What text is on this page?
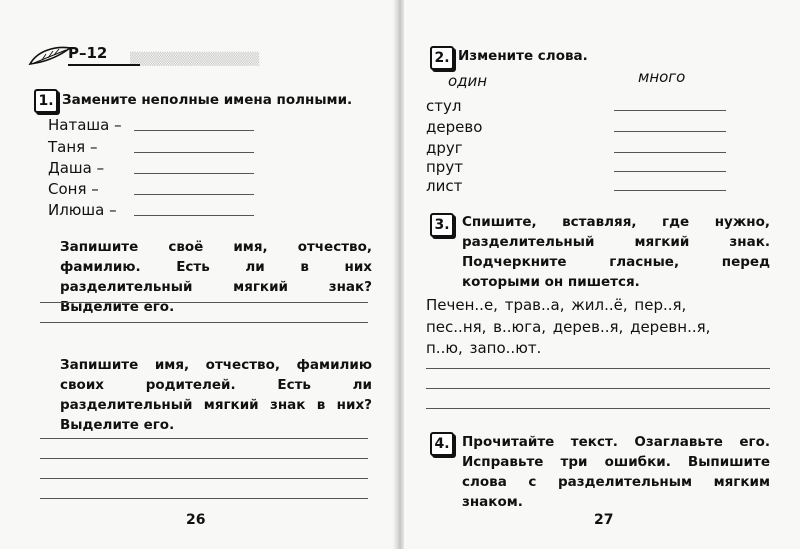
▒▒▒▒▒▒▒▒▒▒▒▒▒▒
Р–12
1. Замените неполные имена полными.
Наташа –
Таня –
Даша –
Соня –
Илюша –
Запишите своё имя, отчество, фамилию. Есть ли в них разделительный мягкий знак? Выделите его.
Запишите имя, отчество, фамилию своих родителей. Есть ли разделительный мягкий знак в них? Выделите его.
26
2. Измените слова.
один	много
стул
дерево
друг
прут
лист
3. Спишите, вставляя, где нужно, разделительный мягкий знак. Подчеркните гласные, перед которыми он пишется.
Печен..е, трав..а, жил..ё, пер..я,
пес..ня, в..юга, дерев..я, деревн..я,
п..ю, запо..ют.
4. Прочитайте текст. Озаглавьте его. Исправьте три ошибки. Выпишите слова с разделительным мягким знаком.
27
